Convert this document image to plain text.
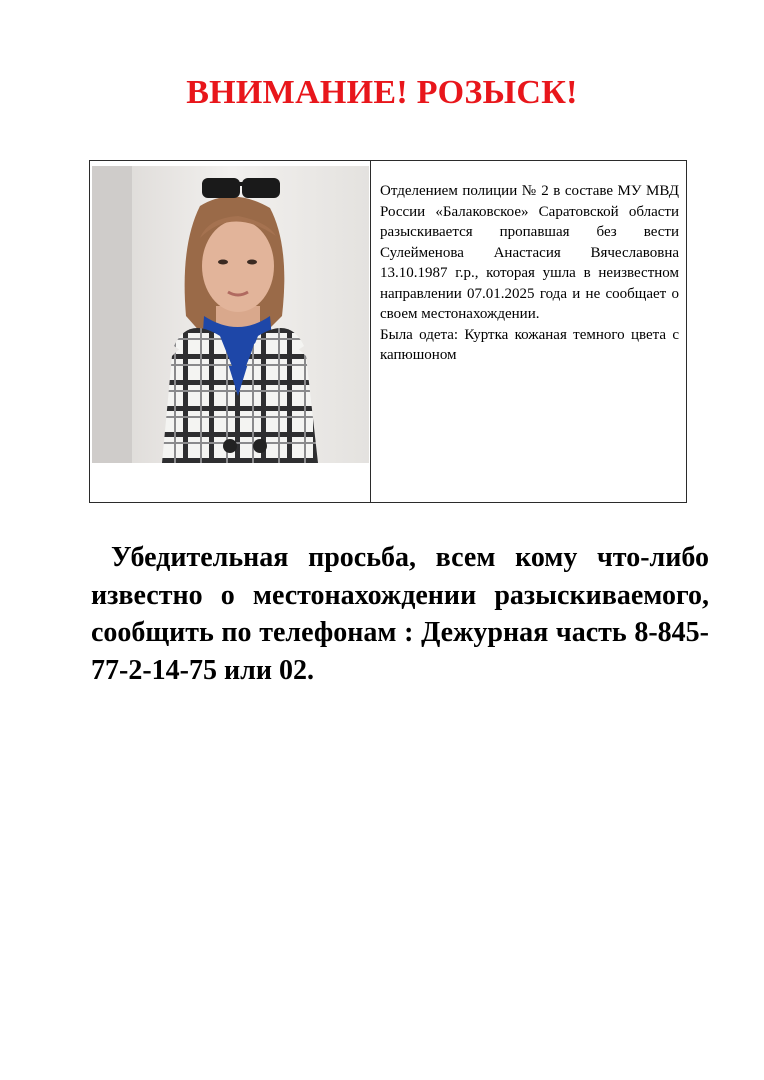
ВНИМАНИЕ! РОЗЫСК!

Отделением полиции № 2 в составе МУ МВД России «Балаковское» Саратовской области разыскивается пропавшая без вести Сулейменова Анастасия Вячеславовна 13.10.1987 г.р., которая ушла в неизвестном направлении 07.01.2025 года и не сообщает о своем местонахождении.

Была одета: Куртка кожаная темного цвета с капюшоном

Убедительная просьба, всем кому что-либо известно о местонахождении разыскиваемого, сообщить по телефонам : Дежурная часть 8-845-77-2-14-75 или 02.
